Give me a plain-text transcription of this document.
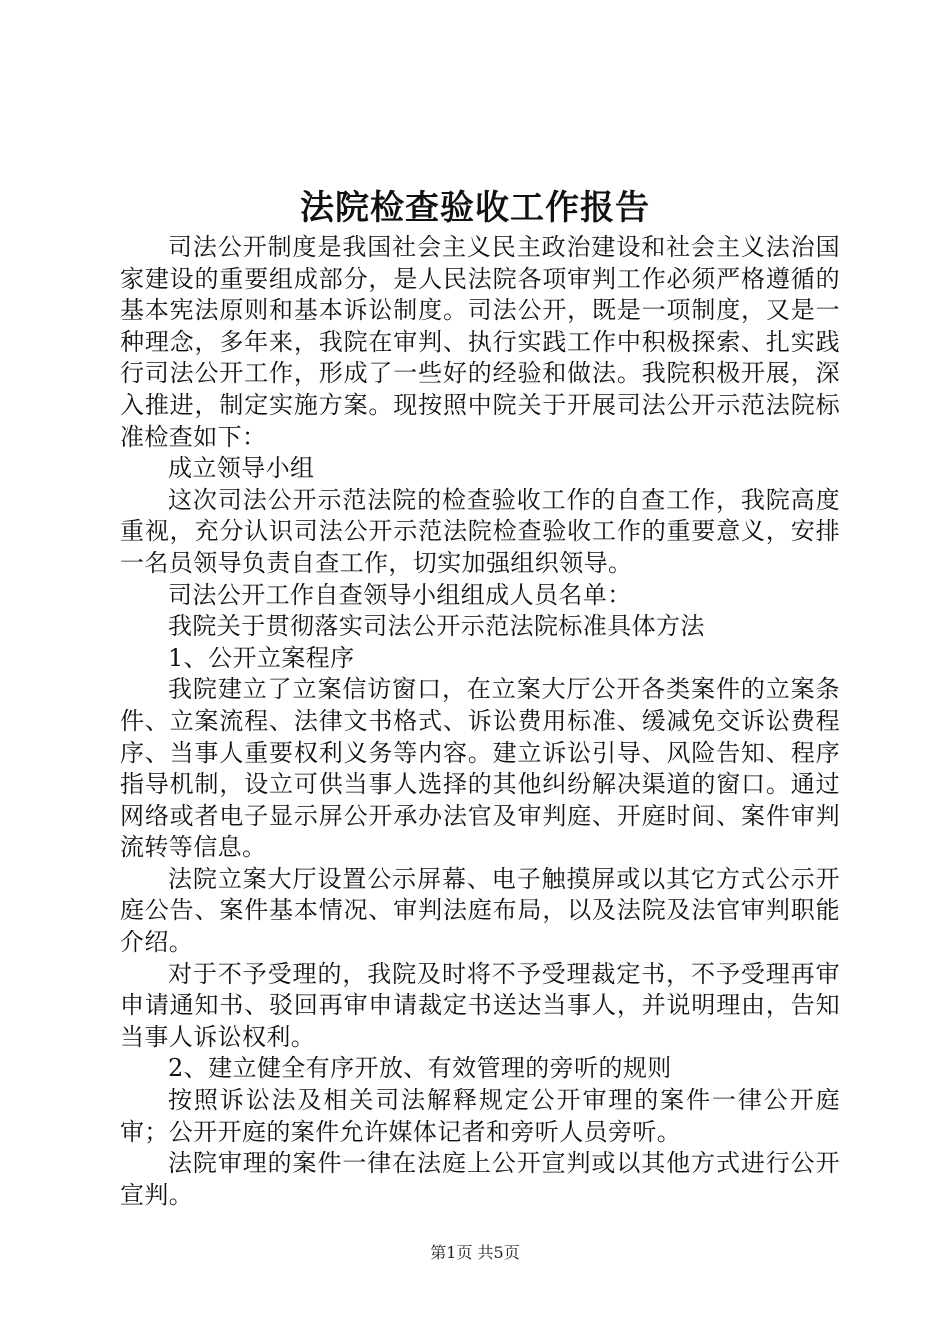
法院检查验收工作报告

司法公开制度是我国社会主义民主政治建设和社会主义法治国家建设的重要组成部分，是人民法院各项审判工作必须严格遵循的基本宪法原则和基本诉讼制度。司法公开，既是一项制度，又是一种理念，多年来，我院在审判、执行实践工作中积极探索、扎实践行司法公开工作，形成了一些好的经验和做法。我院积极开展，深入推进，制定实施方案。现按照中院关于开展司法公开示范法院标准检查如下：

成立领导小组

这次司法公开示范法院的检查验收工作的自查工作，我院高度重视，充分认识司法公开示范法院检查验收工作的重要意义，安排一名员领导负责自查工作，切实加强组织领导。

司法公开工作自查领导小组组成人员名单：

我院关于贯彻落实司法公开示范法院标准具体方法

1、公开立案程序

我院建立了立案信访窗口，在立案大厅公开各类案件的立案条件、立案流程、法律文书格式、诉讼费用标准、缓减免交诉讼费程序、当事人重要权利义务等内容。建立诉讼引导、风险告知、程序指导机制，设立可供当事人选择的其他纠纷解决渠道的窗口。通过网络或者电子显示屏公开承办法官及审判庭、开庭时间、案件审判流转等信息。

法院立案大厅设置公示屏幕、电子触摸屏或以其它方式公示开庭公告、案件基本情况、审判法庭布局，以及法院及法官审判职能介绍。

对于不予受理的，我院及时将不予受理裁定书，不予受理再审申请通知书、驳回再审申请裁定书送达当事人，并说明理由，告知当事人诉讼权利。

2、建立健全有序开放、有效管理的旁听的规则

按照诉讼法及相关司法解释规定公开审理的案件一律公开庭审；公开开庭的案件允许媒体记者和旁听人员旁听。

法院审理的案件一律在法庭上公开宣判或以其他方式进行公开宣判。

第1页 共5页
